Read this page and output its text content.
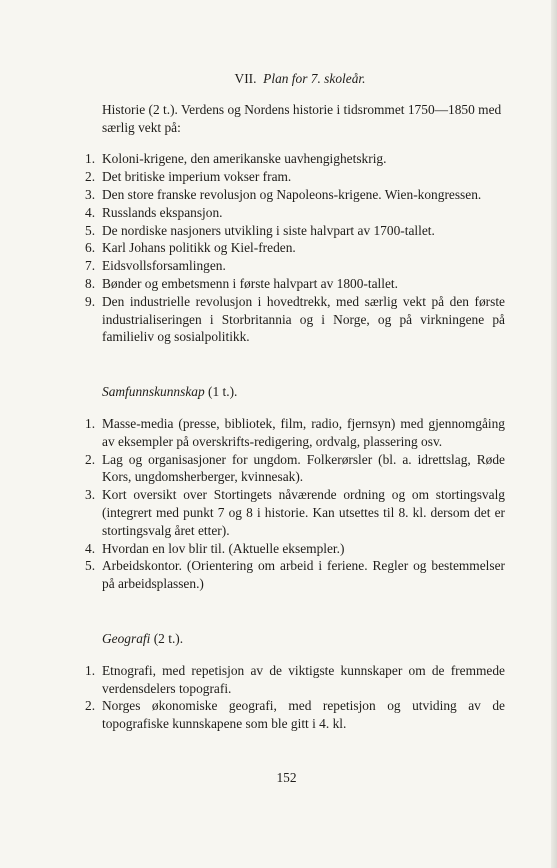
VII. Plan for 7. skoleår.

Historie (2 t.). Verdens og Nordens historie i tidsrommet 1750—1850 med særlig vekt på:

1. Koloni-krigene, den amerikanske uavhengighetskrig.
2. Det britiske imperium vokser fram.
3. Den store franske revolusjon og Napoleons-krigene. Wien-kongressen.
4. Russlands ekspansjon.
5. De nordiske nasjoners utvikling i siste halvpart av 1700-tallet.
6. Karl Johans politikk og Kiel-freden.
7. Eidsvollsforsamlingen.
8. Bønder og embetsmenn i første halvpart av 1800-tallet.
9. Den industrielle revolusjon i hovedtrekk, med særlig vekt på den første industrialiseringen i Storbritannia og i Norge, og på virkningene på familieliv og sosialpolitikk.

Samfunnskunnskap (1 t.).

1. Masse-media (presse, bibliotek, film, radio, fjernsyn) med gjennomgåing av eksempler på overskrifts-redigering, ordvalg, plassering osv.
2. Lag og organisasjoner for ungdom. Folkerørsler (bl. a. idrettslag, Røde Kors, ungdomsherberger, kvinnesak).
3. Kort oversikt over Stortingets nåværende ordning og om stortingsvalg (integrert med punkt 7 og 8 i historie. Kan utsettes til 8. kl. dersom det er stortingsvalg året etter).
4. Hvordan en lov blir til. (Aktuelle eksempler.)
5. Arbeidskontor. (Orientering om arbeid i feriene. Regler og bestemmelser på arbeidsplassen.)

Geografi (2 t.).

1. Etnografi, med repetisjon av de viktigste kunnskaper om de fremmede verdensdelers topografi.
2. Norges økonomiske geografi, med repetisjon og utviding av de topografiske kunnskapene som ble gitt i 4. kl.
152
